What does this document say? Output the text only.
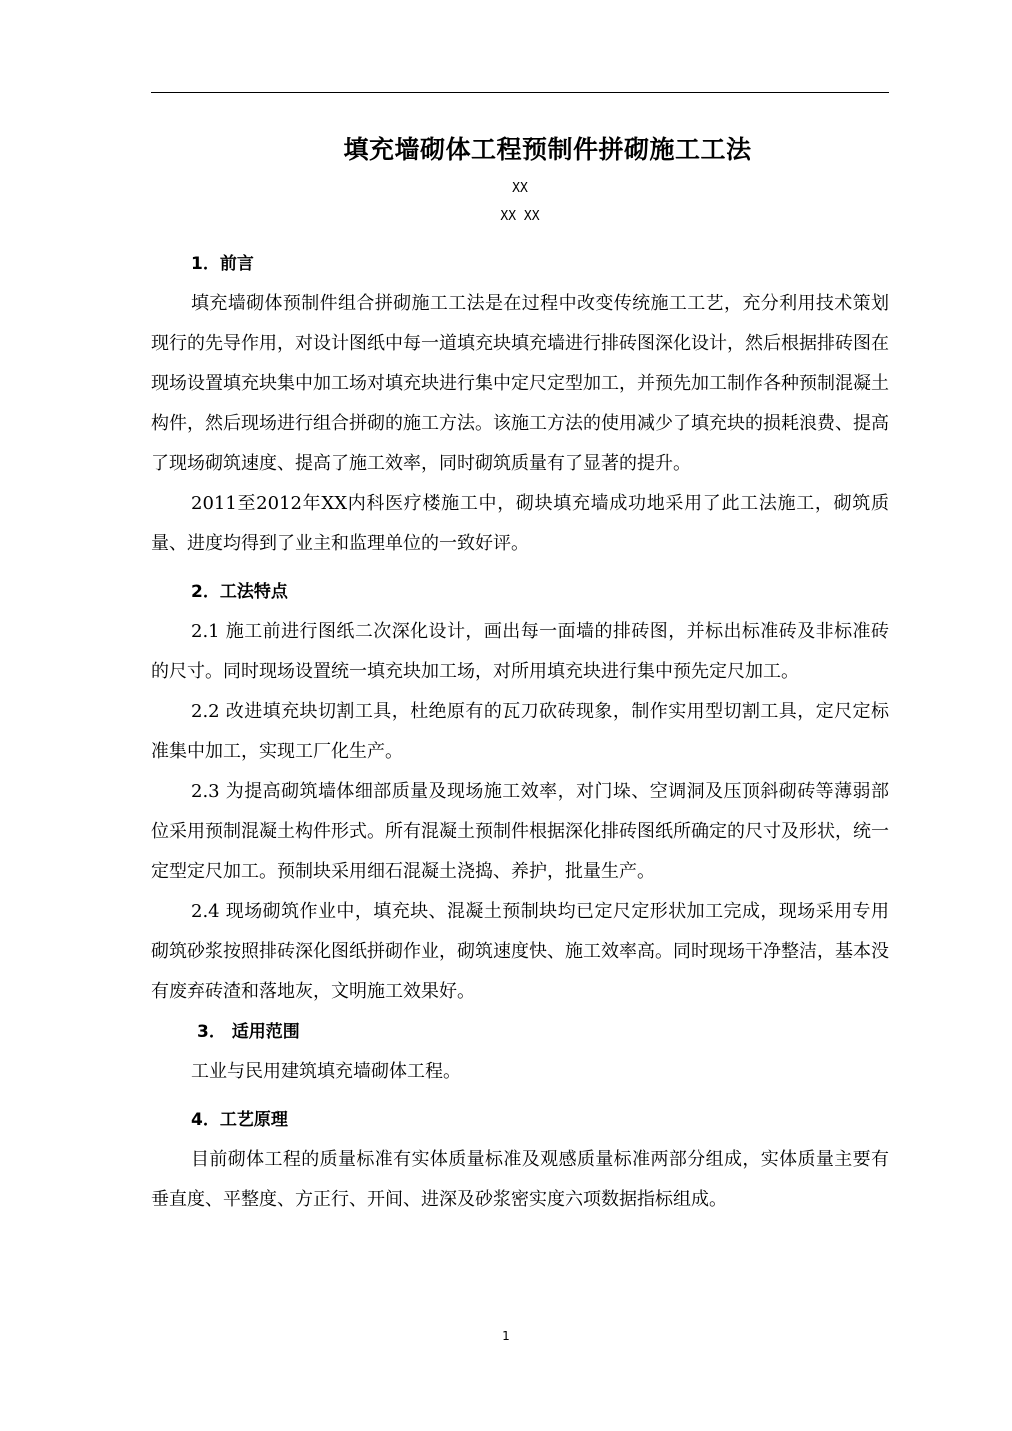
填充墙砌体工程预制件拼砌施工工法

XX

XX XX

1．前言

填充墙砌体预制件组合拼砌施工工法是在过程中改变传统施工工艺，充分利用技术策划现行的先导作用，对设计图纸中每一道填充块填充墙进行排砖图深化设计，然后根据排砖图在现场设置填充块集中加工场对填充块进行集中定尺定型加工，并预先加工制作各种预制混凝土构件，然后现场进行组合拼砌的施工方法。该施工方法的使用减少了填充块的损耗浪费、提高了现场砌筑速度、提高了施工效率，同时砌筑质量有了显著的提升。

2011至2012年XX内科医疗楼施工中，砌块填充墙成功地采用了此工法施工，砌筑质量、进度均得到了业主和监理单位的一致好评。

2．工法特点

2.1 施工前进行图纸二次深化设计，画出每一面墙的排砖图，并标出标准砖及非标准砖的尺寸。同时现场设置统一填充块加工场，对所用填充块进行集中预先定尺加工。

2.2 改进填充块切割工具，杜绝原有的瓦刀砍砖现象，制作实用型切割工具，定尺定标准集中加工，实现工厂化生产。

2.3 为提高砌筑墙体细部质量及现场施工效率，对门垛、空调洞及压顶斜砌砖等薄弱部位采用预制混凝土构件形式。所有混凝土预制件根据深化排砖图纸所确定的尺寸及形状，统一定型定尺加工。预制块采用细石混凝土浇捣、养护，批量生产。

2.4 现场砌筑作业中，填充块、混凝土预制块均已定尺定形状加工完成，现场采用专用砌筑砂浆按照排砖深化图纸拼砌作业，砌筑速度快、施工效率高。同时现场干净整洁，基本没有废弃砖渣和落地灰，文明施工效果好。

3． 适用范围

工业与民用建筑填充墙砌体工程。

4．工艺原理

目前砌体工程的质量标准有实体质量标准及观感质量标准两部分组成，实体质量主要有垂直度、平整度、方正行、开间、进深及砂浆密实度六项数据指标组成。

1
